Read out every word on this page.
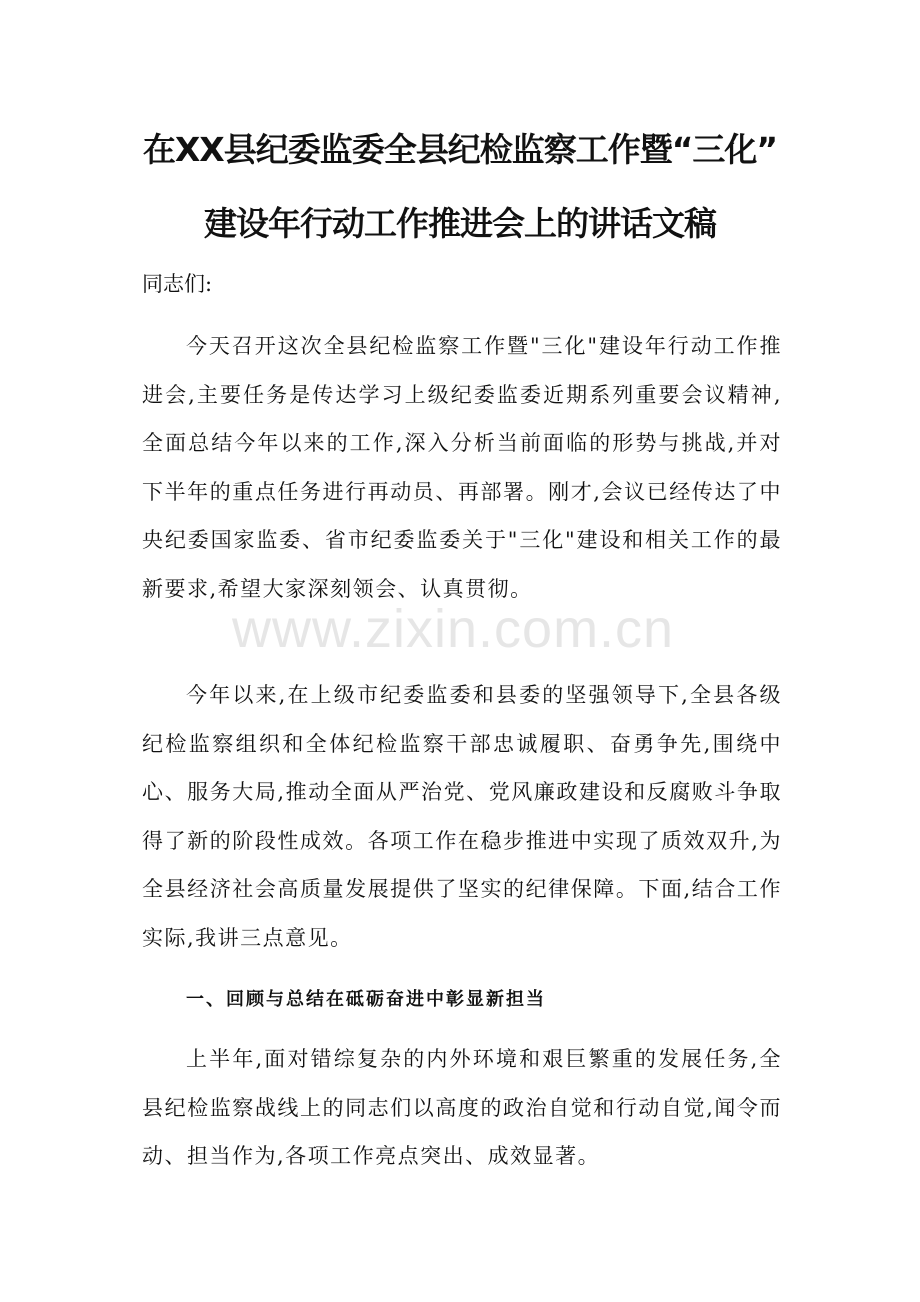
www.zixin.com.cn
在XX县纪委监委全县纪检监察工作暨“三化”
建设年行动工作推进会上的讲话文稿

同志们:

今天召开这次全县纪检监察工作暨"三化"建设年行动工作推进会,主要任务是传达学习上级纪委监委近期系列重要会议精神,全面总结今年以来的工作,深入分析当前面临的形势与挑战,并对下半年的重点任务进行再动员、再部署。刚才,会议已经传达了中央纪委国家监委、省市纪委监委关于"三化"建设和相关工作的最新要求,希望大家深刻领会、认真贯彻。

今年以来,在上级市纪委监委和县委的坚强领导下,全县各级纪检监察组织和全体纪检监察干部忠诚履职、奋勇争先,围绕中心、服务大局,推动全面从严治党、党风廉政建设和反腐败斗争取得了新的阶段性成效。各项工作在稳步推进中实现了质效双升,为全县经济社会高质量发展提供了坚实的纪律保障。下面,结合工作实际,我讲三点意见。

一、回顾与总结在砥砺奋进中彰显新担当

上半年,面对错综复杂的内外环境和艰巨繁重的发展任务,全县纪检监察战线上的同志们以高度的政治自觉和行动自觉,闻令而动、担当作为,各项工作亮点突出、成效显著。
